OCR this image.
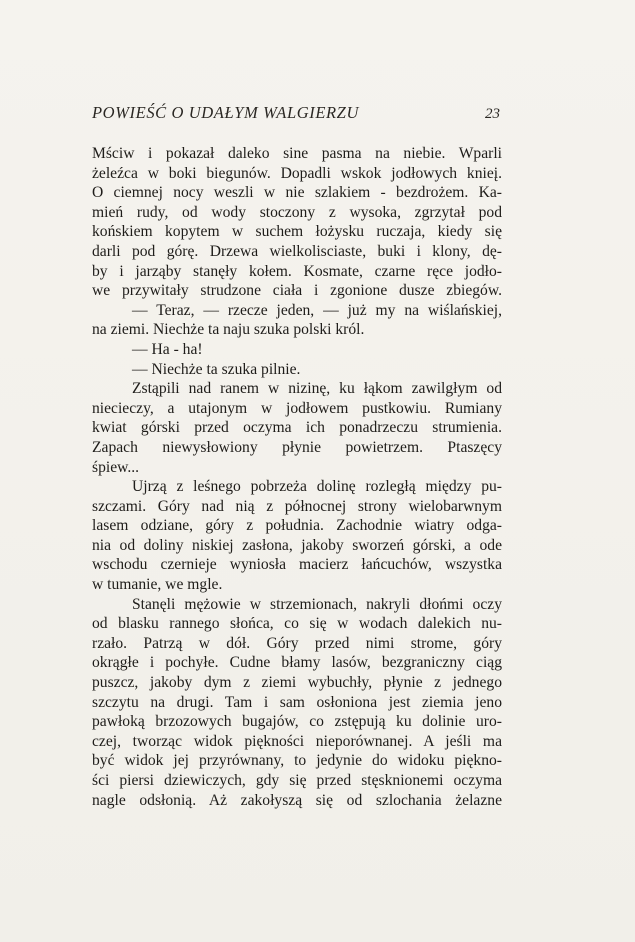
POWIEŚĆ O UDAŁYM WALGIERZU	23
Mściw i pokazał daleko sine pasma na niebie. Wparli
żeleźca w boki biegunów. Dopadli wskok jodłowych knieį.
O ciemnej nocy weszli w nie szlakiem - bezdrożem. Ka-
mień rudy, od wody stoczony z wysoka, zgrzytał pod
końskiem kopytem w suchem łożysku ruczaja, kiedy się
darli pod górę. Drzewa wielkolisciaste, buki i klony, dę-
by i jarząby stanęły kołem. Kosmate, czarne ręce jodło-
we przywitały strudzone ciała i zgonione dusze zbiegów.
— Teraz, — rzecze jeden, — już my na wiślańskiej,
na ziemi. Niechże ta naju szuka polski król.
— Ha - ha!
— Niechże ta szuka pilnie.
Zstąpili nad ranem w nizinę, ku łąkom zawilgłym od
nieciеczy, a utajonym w jodłowem pustkowiu. Rumiany
kwiat górski przed oczyma ich ponadrzeczu strumienia.
Zapach niewysłowiony płynie powietrzem. Ptaszęcy
śpiew...
Ujrzą z leśnego pobrzeża dolinę rozległą między pu-
szczami. Góry nad nią z północnej strony wielobarwnym
lasem odziane, góry z południa. Zachodnie wiatry odga-
nia od doliny niskiej zasłona, jakoby sworzeń górski, a ode
wschodu czernieje wyniosła macierz łańcuchów, wszystka
w tumanie, we mgle.
Stanęli mężowie w strzemionach, nakryli dłońmi oczy
od blasku rannego słońca, co się w wodach dalekich nu-
rzało. Patrzą w dół. Góry przed nimi strome, góry
okrągłe i pochyłe. Cudne błamy lasów, bezgraniczny ciąg
puszcz, jakoby dym z ziemi wybuchły, płynie z jednego
szczytu na drugi. Tam i sam osłoniona jest ziemia jeno
pawłoką brzozowych bugajów, co zstępują ku dolinie uro-
czej, tworząc widok piękności nieporównanej. A jeśli ma
być widok jej przyrównany, to jedynie do widoku piękno-
ści piersi dziewiczych, gdy się przed stęsknionemi oczyma
nagle odsłonią. Aż zakołyszą się od szlochania żelazne
